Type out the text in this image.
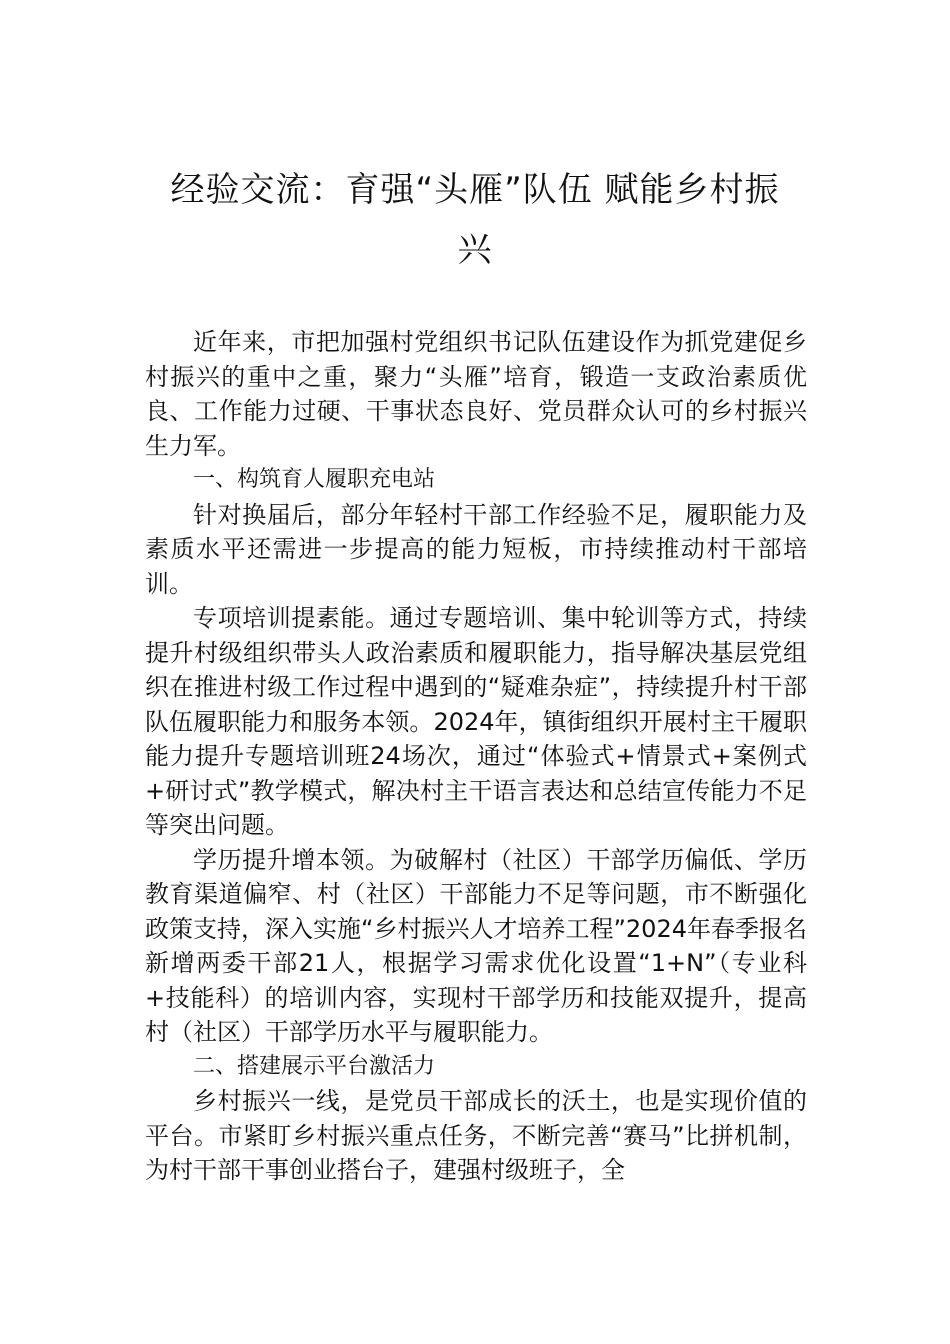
经验交流：育强“头雁”队伍 赋能乡村振
兴

近年来，市把加强村党组织书记队伍建设作为抓党建促乡村振兴的重中之重，聚力“头雁”培育，锻造一支政治素质优良、工作能力过硬、干事状态良好、党员群众认可的乡村振兴生力军。

一、构筑育人履职充电站

针对换届后，部分年轻村干部工作经验不足，履职能力及素质水平还需进一步提高的能力短板，市持续推动村干部培训。

专项培训提素能。通过专题培训、集中轮训等方式，持续提升村级组织带头人政治素质和履职能力，指导解决基层党组织在推进村级工作过程中遇到的“疑难杂症”，持续提升村干部队伍履职能力和服务本领。2024年，镇街组织开展村主干履职能力提升专题培训班24场次，通过“体验式+情景式+案例式+研讨式”教学模式，解决村主干语言表达和总结宣传能力不足等突出问题。

学历提升增本领。为破解村（社区）干部学历偏低、学历教育渠道偏窄、村（社区）干部能力不足等问题，市不断强化政策支持，深入实施“乡村振兴人才培养工程”2024年春季报名新增两委干部21人，根据学习需求优化设置“1+N”（专业科+技能科）的培训内容，实现村干部学历和技能双提升，提高村（社区）干部学历水平与履职能力。

二、搭建展示平台激活力

乡村振兴一线，是党员干部成长的沃土，也是实现价值的平台。市紧盯乡村振兴重点任务，不断完善“赛马”比拼机制，为村干部干事创业搭台子，建强村级班子，全
